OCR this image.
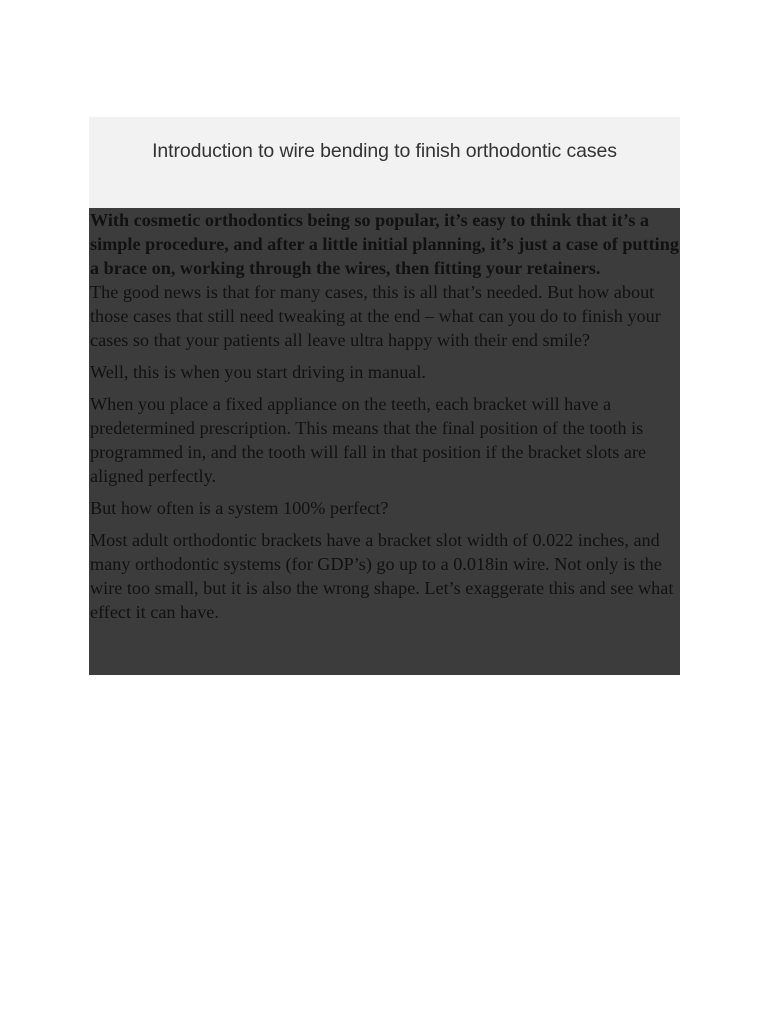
Introduction to wire bending to finish orthodontic cases

With cosmetic orthodontics being so popular, it’s easy to think that it’s a simple procedure, and after a little initial planning, it’s just a case of putting a brace on, working through the wires, then fitting your retainers.

The good news is that for many cases, this is all that’s needed. But how about those cases that still need tweaking at the end – what can you do to finish your cases so that your patients all leave ultra happy with their end smile?

Well, this is when you start driving in manual.

When you place a fixed appliance on the teeth, each bracket will have a predetermined prescription. This means that the final position of the tooth is programmed in, and the tooth will fall in that position if the bracket slots are aligned perfectly.

But how often is a system 100% perfect?

Most adult orthodontic brackets have a bracket slot width of 0.022 inches, and many orthodontic systems (for GDP’s) go up to a 0.018in wire. Not only is the wire too small, but it is also the wrong shape. Let’s exaggerate this and see what effect it can have.
